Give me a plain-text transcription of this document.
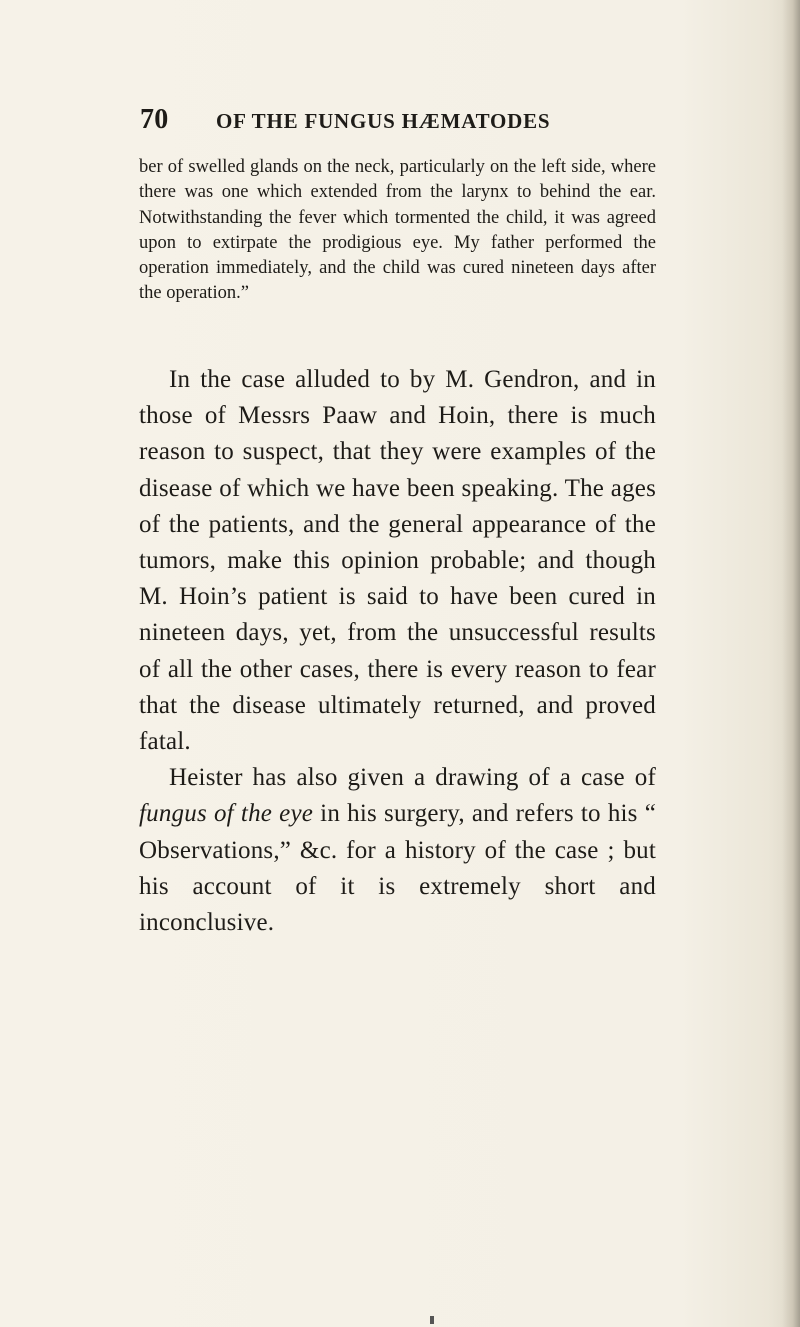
70	OF THE FUNGUS HÆMATODES

ber of swelled glands on the neck, particularly on the left side, where there was one which extended from the larynx to behind the ear. Notwithstanding the fever which tormented the child, it was agreed upon to extirpate the prodigious eye. My father performed the operation immediately, and the child was cured nineteen days after the operation.”

In the case alluded to by M. Gendron, and in those of Messrs Paaw and Hoin, there is much reason to suspect, that they were examples of the disease of which we have been speaking. The ages of the patients, and the general appearance of the tumors, make this opinion probable; and though M. Hoin’s patient is said to have been cured in nineteen days, yet, from the unsuccessful results of all the other cases, there is every reason to fear that the disease ultimately returned, and proved fatal.

Heister has also given a drawing of a case of fungus of the eye in his surgery, and refers to his “ Observations,” &c. for a history of the case ; but his account of it is extremely short and inconclusive.
